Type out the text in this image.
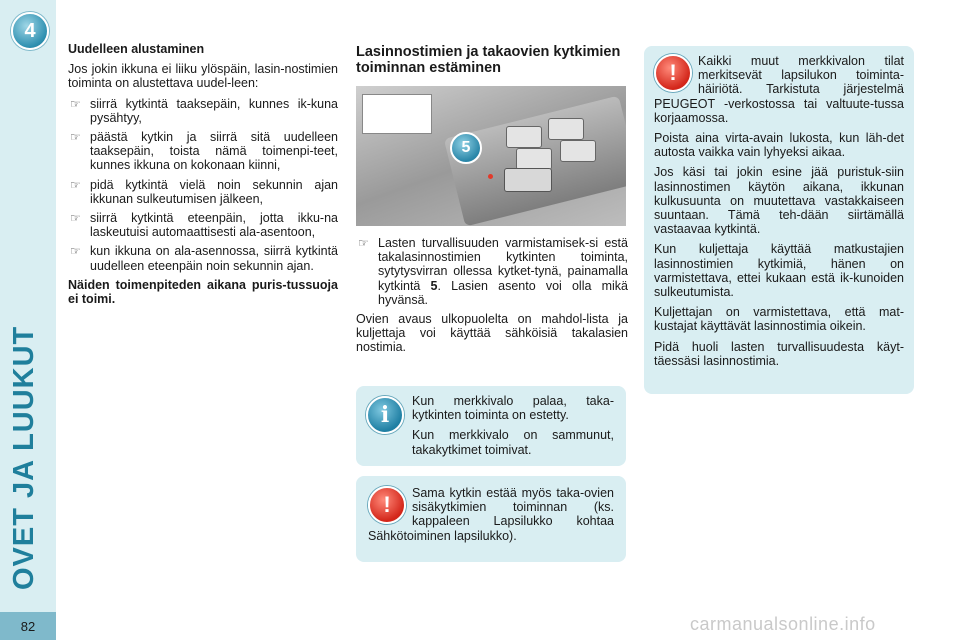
4
OVET JA LUUKUT
82
Uudelleen alustaminen

Jos jokin ikkuna ei liiku ylöspäin, lasin-nostimien toiminta on alustettava uudel-leen:

☞ siirrä kytkintä taaksepäin, kunnes ik-kuna pysähtyy,
☞ päästä kytkin ja siirrä sitä uudelleen taaksepäin, toista nämä toimenpi-teet, kunnes ikkuna on kokonaan kiinni,
☞ pidä kytkintä vielä noin sekunnin ajan ikkunan sulkeutumisen jälkeen,
☞ siirrä kytkintä eteenpäin, jotta ikku-na laskeutuisi automaattisesti ala-asentoon,
☞ kun ikkuna on ala-asennossa, siirrä kytkintä uudelleen eteenpäin noin sekunnin ajan.

Näiden toimenpiteden aikana puris-tussuoja ei toimi.

Lasinnostimien ja takaovien kytkimien toiminnan estäminen
5
☞ Lasten turvallisuuden varmistamisek-si estä takalasinnostimien kytkinten toiminta, sytytysvirran ollessa kytket-tynä, painamalla kytkintä 5. Lasien asento voi olla mikä hyvänsä.

Ovien avaus ulkopuolelta on mahdol-lista ja kuljettaja voi käyttää sähköisiä takalasien nostimia.

i

Kun merkkivalo palaa, taka-kytkinten toiminta on estetty.

Kun merkkivalo on sammunut, takakytkimet toimivat.

!	Sama kytkin estää myös taka-ovien sisäkytkimien toiminnan (ks. kappaleen Lapsilukko kohtaa Sähkötoiminen lapsilukko).

!	Kaikki muut merkkivalon tilat merkitsevät lapsilukon toiminta-häiriötä. Tarkistuta järjestelmä PEUGEOT -verkostossa tai valtuute-tussa korjaamossa.

Poista aina virta-avain lukosta, kun läh-det autosta vaikka vain lyhyeksi aikaa.

Jos käsi tai jokin esine jää puristuk-siin lasinnostimen käytön aikana, ikkunan kulkusuunta on muutettava vastakkaiseen suuntaan. Tämä teh-dään siirtämällä vastaavaa kytkintä.

Kun kuljettaja käyttää matkustajien lasinnostimien kytkimiä, hänen on varmistettava, ettei kukaan estä ik-kunoiden sulkeutumista.

Kuljettajan on varmistettava, että mat-kustajat käyttävät lasinnostimia oikein.

Pidä huoli lasten turvallisuudesta käyt-täessäsi lasinnostimia.

carmanualsonline.info
